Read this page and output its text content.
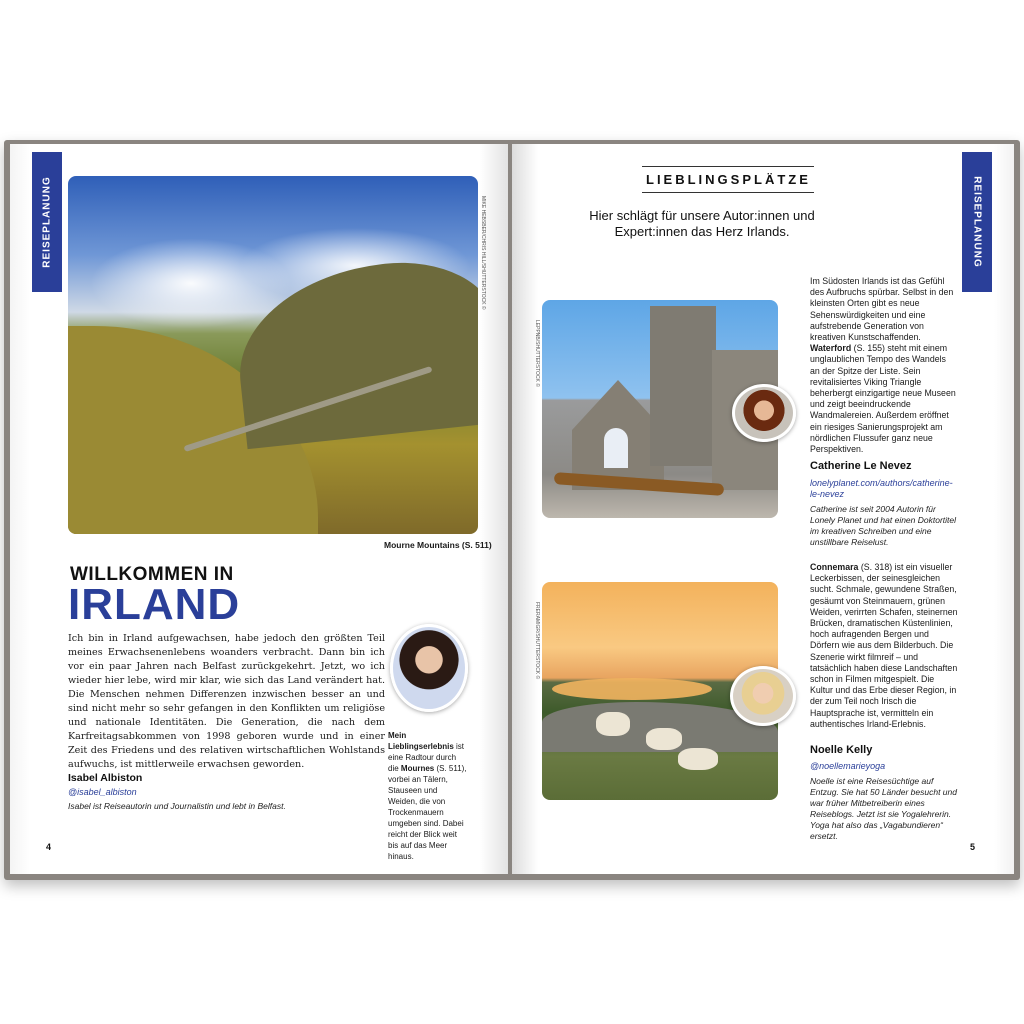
REISEPLANUNG	MIKE HEBSBER/CHRIS HILL/SHUTTERSTOCK ©
Mourne Mountains (S. 511)
WILLKOMMEN IN
IRLAND
Ich bin in Irland aufgewachsen, habe jedoch den größten Teil meines Erwachsenenlebens woanders verbracht. Dann bin ich vor ein paar Jahren nach Belfast zurückgekehrt. Jetzt, wo ich wieder hier lebe, wird mir klar, wie sich das Land verändert hat. Die Menschen nehmen Differenzen inzwischen besser an und sind nicht mehr so sehr gefangen in den Konflikten um religiöse und nationale Identitäten. Die Generation, die nach dem Karfreitagsabkommen von 1998 geboren wurde und in einer Zeit des Friedens und des relativen wirtschaftlichen Wohlstands aufwuchs, ist mittlerweile erwachsen geworden.
Isabel Albiston
@isabel_albiston
Isabel ist Reiseautorin und Journalistin und lebt in Belfast.
Mein Lieblingserlebnis ist eine Radtour durch die Mournes (S. 511), vorbei an Tälern, Stauseen und Weiden, die von Trockenmauern umgeben sind. Dabei reicht der Blick weit bis auf das Meer hinaus.
4
REISEPLANUNG
LIEBLINGSPLÄTZE
Hier schlägt für unsere Autor:innen und Expert:innen das Herz Irlands.
LEPPNB/SHUTTERSTOCK ©
FRERAMIGR/SHUTTERSTOCK ©
Im Südosten Irlands ist das Gefühl des Aufbruchs spürbar. Selbst in den kleinsten Orten gibt es neue Sehenswürdigkeiten und eine aufstrebende Generation von kreativen Kunstschaffenden. Waterford (S. 155) steht mit einem unglaublichen Tempo des Wandels an der Spitze der Liste. Sein revitalisiertes Viking Triangle beherbergt einzigartige neue Museen und zeigt beeindruckende Wandmalereien. Außerdem eröffnet ein riesiges Sanierungsprojekt am nördlichen Flussufer ganz neue Perspektiven.
Catherine Le Nevez
lonelyplanet.com/authors/catherine-le-nevez
Catherine ist seit 2004 Autorin für Lonely Planet und hat einen Doktortitel im kreativen Schreiben und eine unstillbare Reiselust.
Connemara (S. 318) ist ein visueller Leckerbissen, der seinesgleichen sucht. Schmale, gewundene Straßen, gesäumt von Steinmauern, grünen Weiden, verirrten Schafen, steinernen Brücken, dramatischen Küstenlinien, hoch aufragenden Bergen und Dörfern wie aus dem Bilderbuch. Die Szenerie wirkt filmreif – und tatsächlich haben diese Landschaften schon in Filmen mitgespielt. Die Kultur und das Erbe dieser Region, in der zum Teil noch Irisch die Hauptsprache ist, vermitteln ein authentisches Irland-Erlebnis.
Noelle Kelly
@noellemarieyoga
Noelle ist eine Reisesüchtige auf Entzug. Sie hat 50 Länder besucht und war früher Mitbetreiberin eines Reiseblogs. Jetzt ist sie Yogalehrerin. Yoga hat also das „Vagabundieren“ ersetzt.
5
